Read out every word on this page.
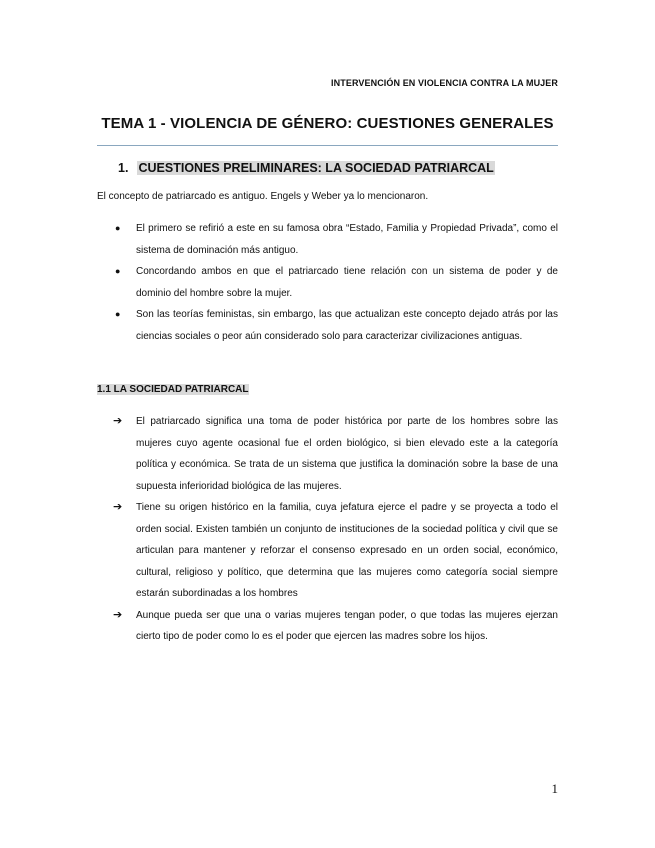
INTERVENCIÓN EN VIOLENCIA CONTRA LA MUJER
TEMA 1 - VIOLENCIA DE GÉNERO: CUESTIONES GENERALES
1. CUESTIONES PRELIMINARES: LA SOCIEDAD PATRIARCAL
El concepto de patriarcado es antiguo. Engels y Weber ya lo mencionaron.
●	El primero se refirió a este en su famosa obra “Estado, Familia y Propiedad Privada”, como el sistema de dominación más antiguo.
●	Concordando ambos en que el patriarcado tiene relación con un sistema de poder y de dominio del hombre sobre la mujer.
●	Son las teorías feministas, sin embargo, las que actualizan este concepto dejado atrás por las ciencias sociales o peor aún considerado solo para caracterizar civilizaciones antiguas.
1.1 LA SOCIEDAD PATRIARCAL
➔	El patriarcado significa una toma de poder histórica por parte de los hombres sobre las mujeres cuyo agente ocasional fue el orden biológico, si bien elevado este a la categoría política y económica. Se trata de un sistema que justifica la dominación sobre la base de una supuesta inferioridad biológica de las mujeres.
➔	Tiene su origen histórico en la familia, cuya jefatura ejerce el padre y se proyecta a todo el orden social. Existen también un conjunto de instituciones de la sociedad política y civil que se articulan para mantener y reforzar el consenso expresado en un orden social, económico, cultural, religioso y político, que determina que las mujeres como categoría social siempre estarán subordinadas a los hombres
➔	Aunque pueda ser que una o varias mujeres tengan poder, o que todas las mujeres ejerzan cierto tipo de poder como lo es el poder que ejercen las madres sobre los hijos.
1
